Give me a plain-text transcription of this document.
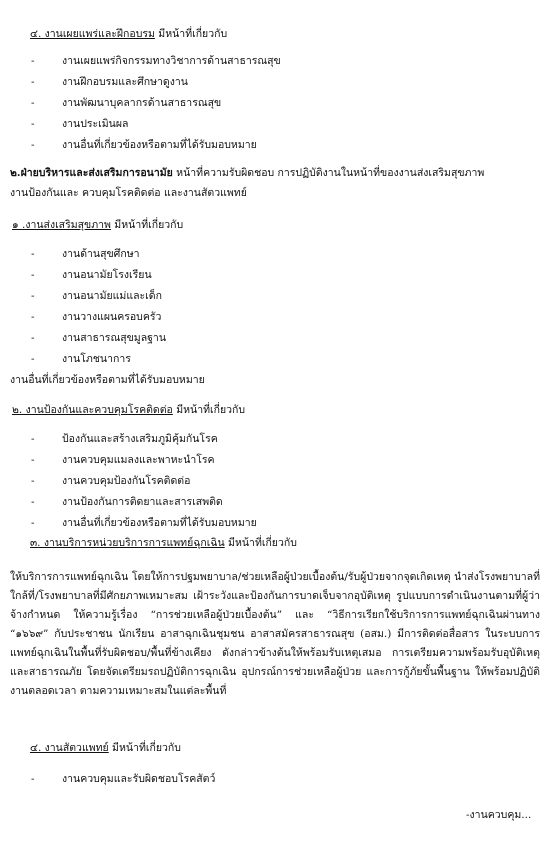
๔. งานเผยแพร่และฝึกอบรม มีหน้าที่เกี่ยวกับ
-	งานเผยแพร่กิจกรรมทางวิชาการด้านสาธารณสุข
-	งานฝึกอบรมและศึกษาดูงาน
-	งานพัฒนาบุคลากรด้านสาธารณสุข
-	งานประเมินผล
-	งานอื่นที่เกี่ยวข้องหรือตามที่ได้รับมอบหมาย
๒.ฝ่ายบริหารและส่งเสริมการอนามัย หน้าที่ความรับผิดชอบ การปฏิบัติงานในหน้าที่ของงานส่งเสริมสุขภาพ
งานป้องกันและ ควบคุมโรคติดต่อ และงานสัตวแพทย์
๑ .งานส่งเสริมสุขภาพ มีหน้าที่เกี่ยวกับ
-	งานด้านสุขศึกษา
-	งานอนามัยโรงเรียน
-	งานอนามัยแม่และเด็ก
-	งานวางแผนครอบครัว
-	งานสาธารณสุขมูลฐาน
-	งานโภชนาการ
งานอื่นที่เกี่ยวข้องหรือตามที่ได้รับมอบหมาย
๒. งานป้องกันและควบคุมโรคติดต่อ มีหน้าที่เกี่ยวกับ
-	ป้องกันและสร้างเสริมภูมิคุ้มกันโรค
-	งานควบคุมแมลงและพาหะนำโรค
-	งานควบคุมป้องกันโรคติดต่อ
-	งานป้องกันการติดยาและสารเสพติด
-	งานอื่นที่เกี่ยวข้องหรือตามที่ได้รับมอบหมาย
๓. งานบริการหน่วยบริการการแพทย์ฉุกเฉิน มีหน้าที่เกี่ยวกับ
ให้บริการการแพทย์ฉุกเฉิน โดยให้การปฐมพยาบาล/ช่วยเหลือผู้ป่วยเบื้องต้น/รับผู้ป่วยจากจุดเกิดเหตุ นำส่งโรงพยาบาลที่ใกล้ที่/โรงพยาบาลที่มีศักยภาพเหมาะสม เฝ้าระวังและป้องกันการบาดเจ็บจากอุบัติเหตุ รูปแบบการดำเนินงานตามที่ผู้ว่าจ้างกำหนด ให้ความรู้เรื่อง “การช่วยเหลือผู้ป่วยเบื้องต้น” และ “วิธีการเรียกใช้บริการการแพทย์ฉุกเฉินผ่านทาง “๑๖๖๙” กับประชาชน นักเรียน อาสาฉุกเฉินชุมชน อาสาสมัครสาธารณสุข (อสม.) มีการติดต่อสื่อสาร ในระบบการแพทย์ฉุกเฉินในพื้นที่รับผิดชอบ/พื้นที่ข้างเคียง ดังกล่าวข้างต้นให้พร้อมรับเหตุเสมอ การเตรียมความพร้อมรับอุบัติเหตุ และสาธารณภัย โดยจัดเตรียมรถปฏิบัติการฉุกเฉิน อุปกรณ์การช่วยเหลือผู้ป่วย และการกู้ภัยขั้นพื้นฐาน ให้พร้อมปฏิบัติงานตลอดเวลา ตามความเหมาะสมในแต่ละพื้นที่
๔. งานสัตวแพทย์ มีหน้าที่เกี่ยวกับ
-	งานควบคุมและรับผิดชอบโรคสัตว์
-งานควบคุม...
